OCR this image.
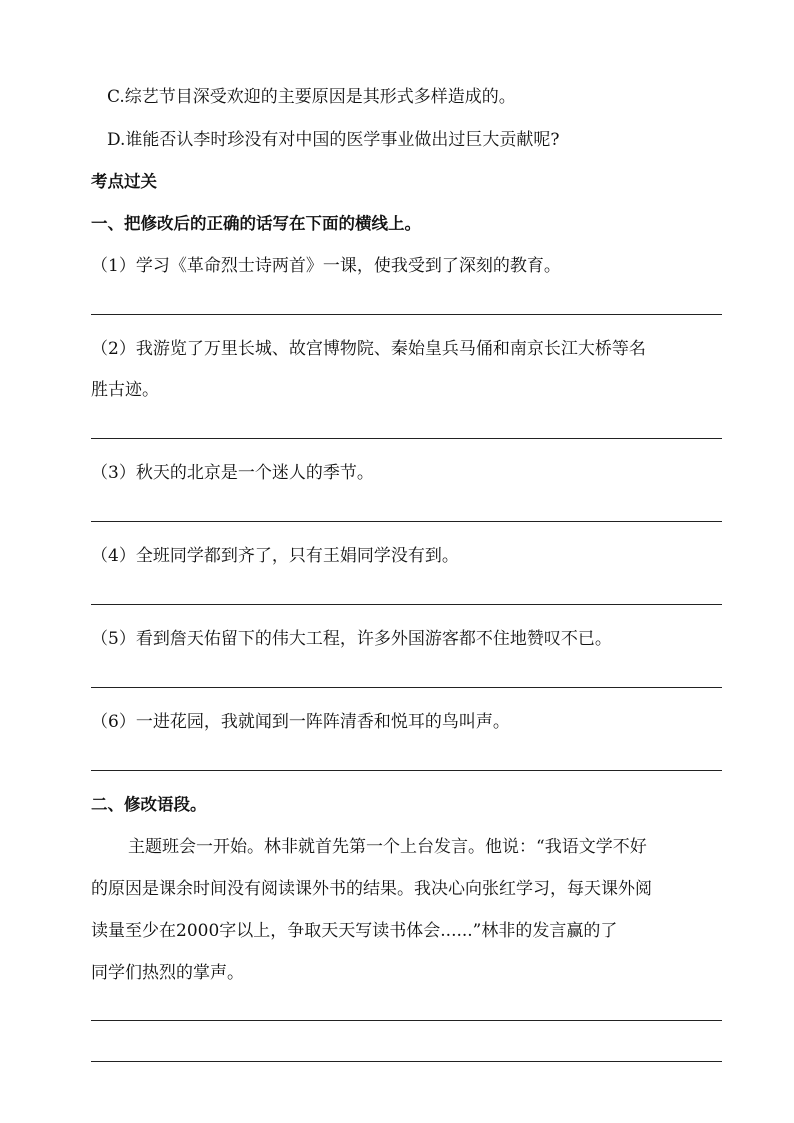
C.综艺节目深受欢迎的主要原因是其形式多样造成的。
D.谁能否认李时珍没有对中国的医学事业做出过巨大贡献呢?
考点过关
一、把修改后的正确的话写在下面的横线上。
（1）学习《革命烈士诗两首》一课，使我受到了深刻的教育。
（2）我游览了万里长城、故宫博物院、秦始皇兵马俑和南京长江大桥等名
胜古迹。
（3）秋天的北京是一个迷人的季节。
（4）全班同学都到齐了，只有王娟同学没有到。
（5）看到詹天佑留下的伟大工程，许多外国游客都不住地赞叹不已。
（6）一进花园，我就闻到一阵阵清香和悦耳的鸟叫声。
二、修改语段。
主题班会一开始。林非就首先第一个上台发言。他说：“我语文学不好
的原因是课余时间没有阅读课外书的结果。我决心向张红学习，每天课外阅
读量至少在2000字以上，争取天天写读书体会......”林非的发言赢的了
同学们热烈的掌声。
